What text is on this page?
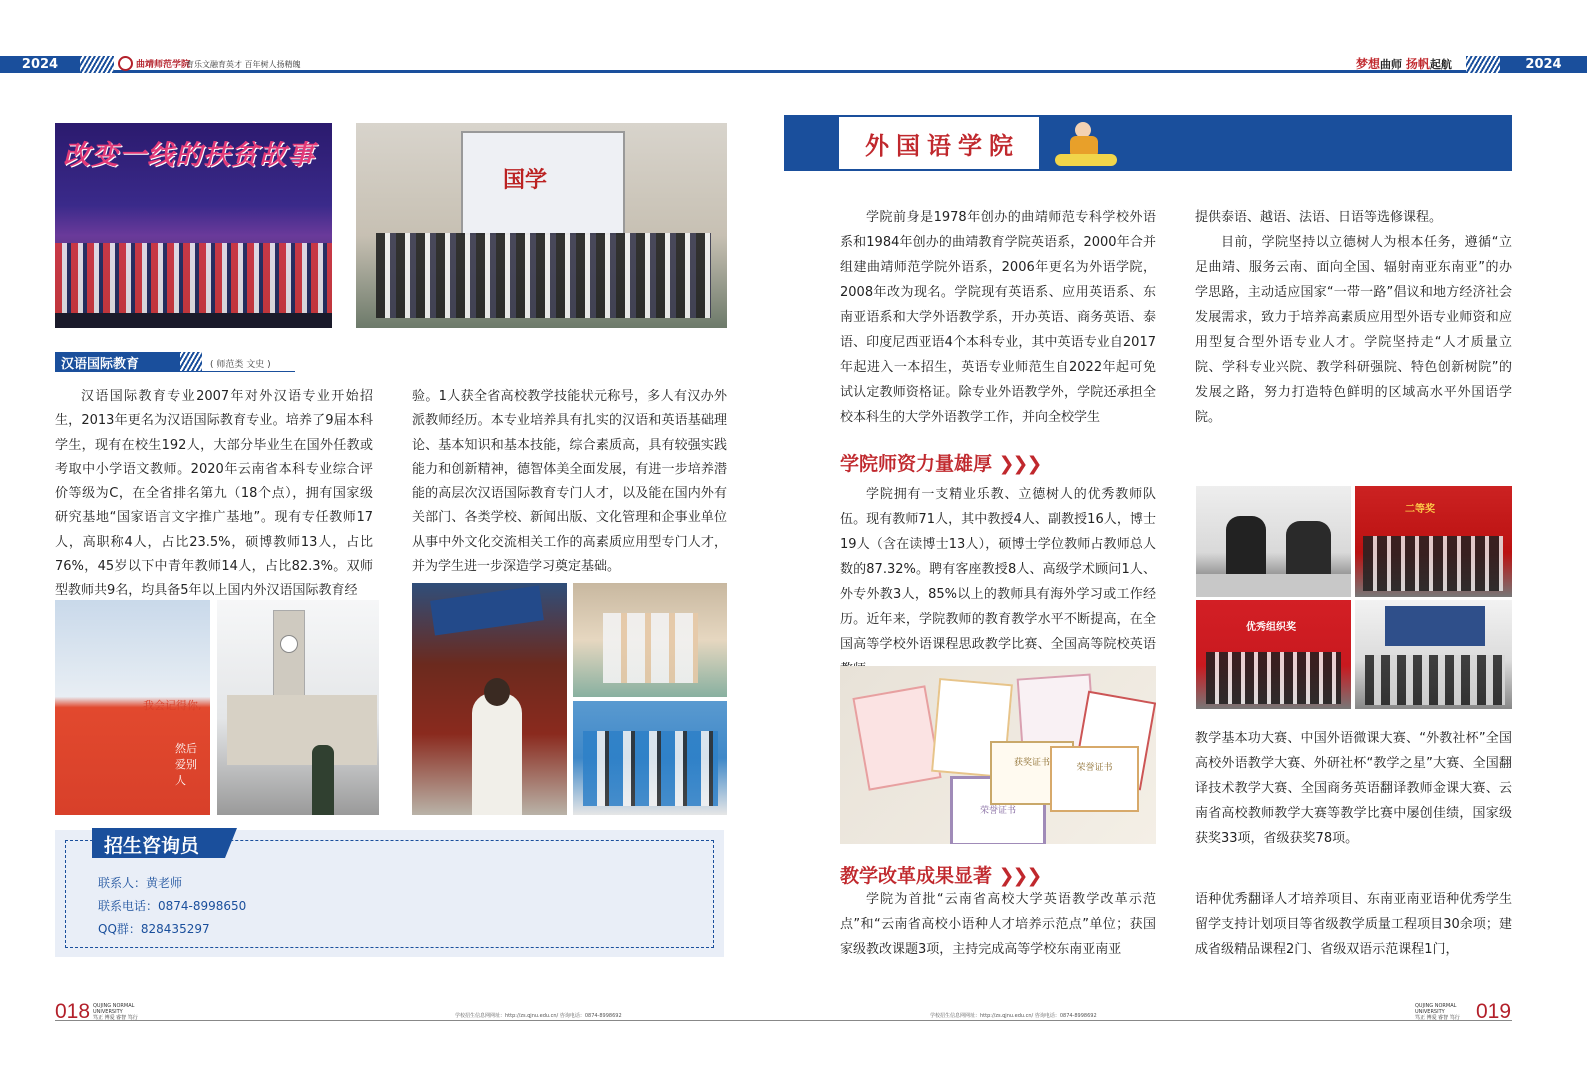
2024	曲靖师范学院
育乐文融育英才 百年树人扬精魄	梦想曲师 扬帆起航	2024
改变一线的扶贫故事
国学
汉语国际教育	( 师范类 文史 )

汉语国际教育专业2007年对外汉语专业开始招生，2013年更名为汉语国际教育专业。培养了9届本科学生，现有在校生192人，大部分毕业生在国外任教或考取中小学语文教师。2020年云南省本科专业综合评价等级为C，在全省排名第九（18个点），拥有国家级研究基地“国家语言文字推广基地”。现有专任教师17人，高职称4人，占比23.5%，硕博教师13人，占比76%，45岁以下中青年教师14人，占比82.3%。双师型教师共9名，均具备5年以上国内外汉语国际教育经

验。1人获全省高校教学技能状元称号，多人有汉办外派教师经历。本专业培养具有扎实的汉语和英语基础理论、基本知识和基本技能，综合素质高，具有较强实践能力和创新精神，德智体美全面发展，有进一步培养潜能的高层次汉语国际教育专门人才，以及能在国内外有关部门、各类学校、新闻出版、文化管理和企事业单位从事中外文化交流相关工作的高素质应用型专门人才，并为学生进一步深造学习奠定基础。

我会记得你,
然后爱别人
招生咨询员
联系人：黄老师
联系电话：0874-8998650
QQ群：828435297
外国语学院

学院前身是1978年创办的曲靖师范专科学校外语系和1984年创办的曲靖教育学院英语系，2000年合并组建曲靖师范学院外语系，2006年更名为外语学院，2008年改为现名。学院现有英语系、应用英语系、东南亚语系和大学外语教学系，开办英语、商务英语、泰语、印度尼西亚语4个本科专业，其中英语专业自2017年起进入一本招生，英语专业师范生自2022年起可免试认定教师资格证。除专业外语教学外，学院还承担全校本科生的大学外语教学工作，并向全校学生

提供泰语、越语、法语、日语等选修课程。

目前，学院坚持以立德树人为根本任务，遵循“立足曲靖、服务云南、面向全国、辐射南亚东南亚”的办学思路，主动适应国家“一带一路”倡议和地方经济社会发展需求，致力于培养高素质应用型外语专业师资和应用型复合型外语专业人才。学院坚持走“人才质量立院、学科专业兴院、教学科研强院、特色创新树院”的发展之路，努力打造特色鲜明的区域高水平外国语学院。

学院师资力量雄厚 ❯❯❯

学院拥有一支精业乐教、立德树人的优秀教师队伍。现有教师71人，其中教授4人、副教授16人，博士19人（含在读博士13人），硕博士学位教师占教师总人数的87.32%。聘有客座教授8人、高级学术顾问1人、外专外教3人，85%以上的教师具有海外学习或工作经历。近年来，学院教师的教育教学水平不断提高，在全国高等学校外语课程思政教学比赛、全国高等院校英语

荣誉证书
获奖证书	荣誉证书
二等奖
优秀组织奖

教学基本功大赛、中国外语微课大赛、“外教社杯”全国高校外语教学大赛、外研社杯“教学之星”大赛、全国翻译技术教学大赛、全国商务英语翻译教师金课大赛、云南省高校教师教学大赛等教学比赛中屡创佳绩，国家级获奖33项，省级获奖78项。

教学改革成果显著 ❯❯❯

学院为首批“云南省高校大学英语教学改革示范点”和“云南省高校小语种人才培养示范点”单位；获国家级教改课题3项，主持完成高等学校东南亚南亚

语种优秀翻译人才培养项目、东南亚南亚语种优秀学生留学支持计划项目等省级教学质量工程项目30余项；建成省级精品课程2门、省级双语示范课程1门，

018 QUJING NORMAL UNIVERSITY
笃正 博爱 睿智 笃行	学校招生信息网网址：http://zs.qjnu.edu.cn/ 咨询电话：0874-8998692	学校招生信息网网址：http://zs.qjnu.edu.cn/ 咨询电话：0874-8998692
QUJING NORMAL UNIVERSITY
笃正 博爱 睿智 笃行 019
